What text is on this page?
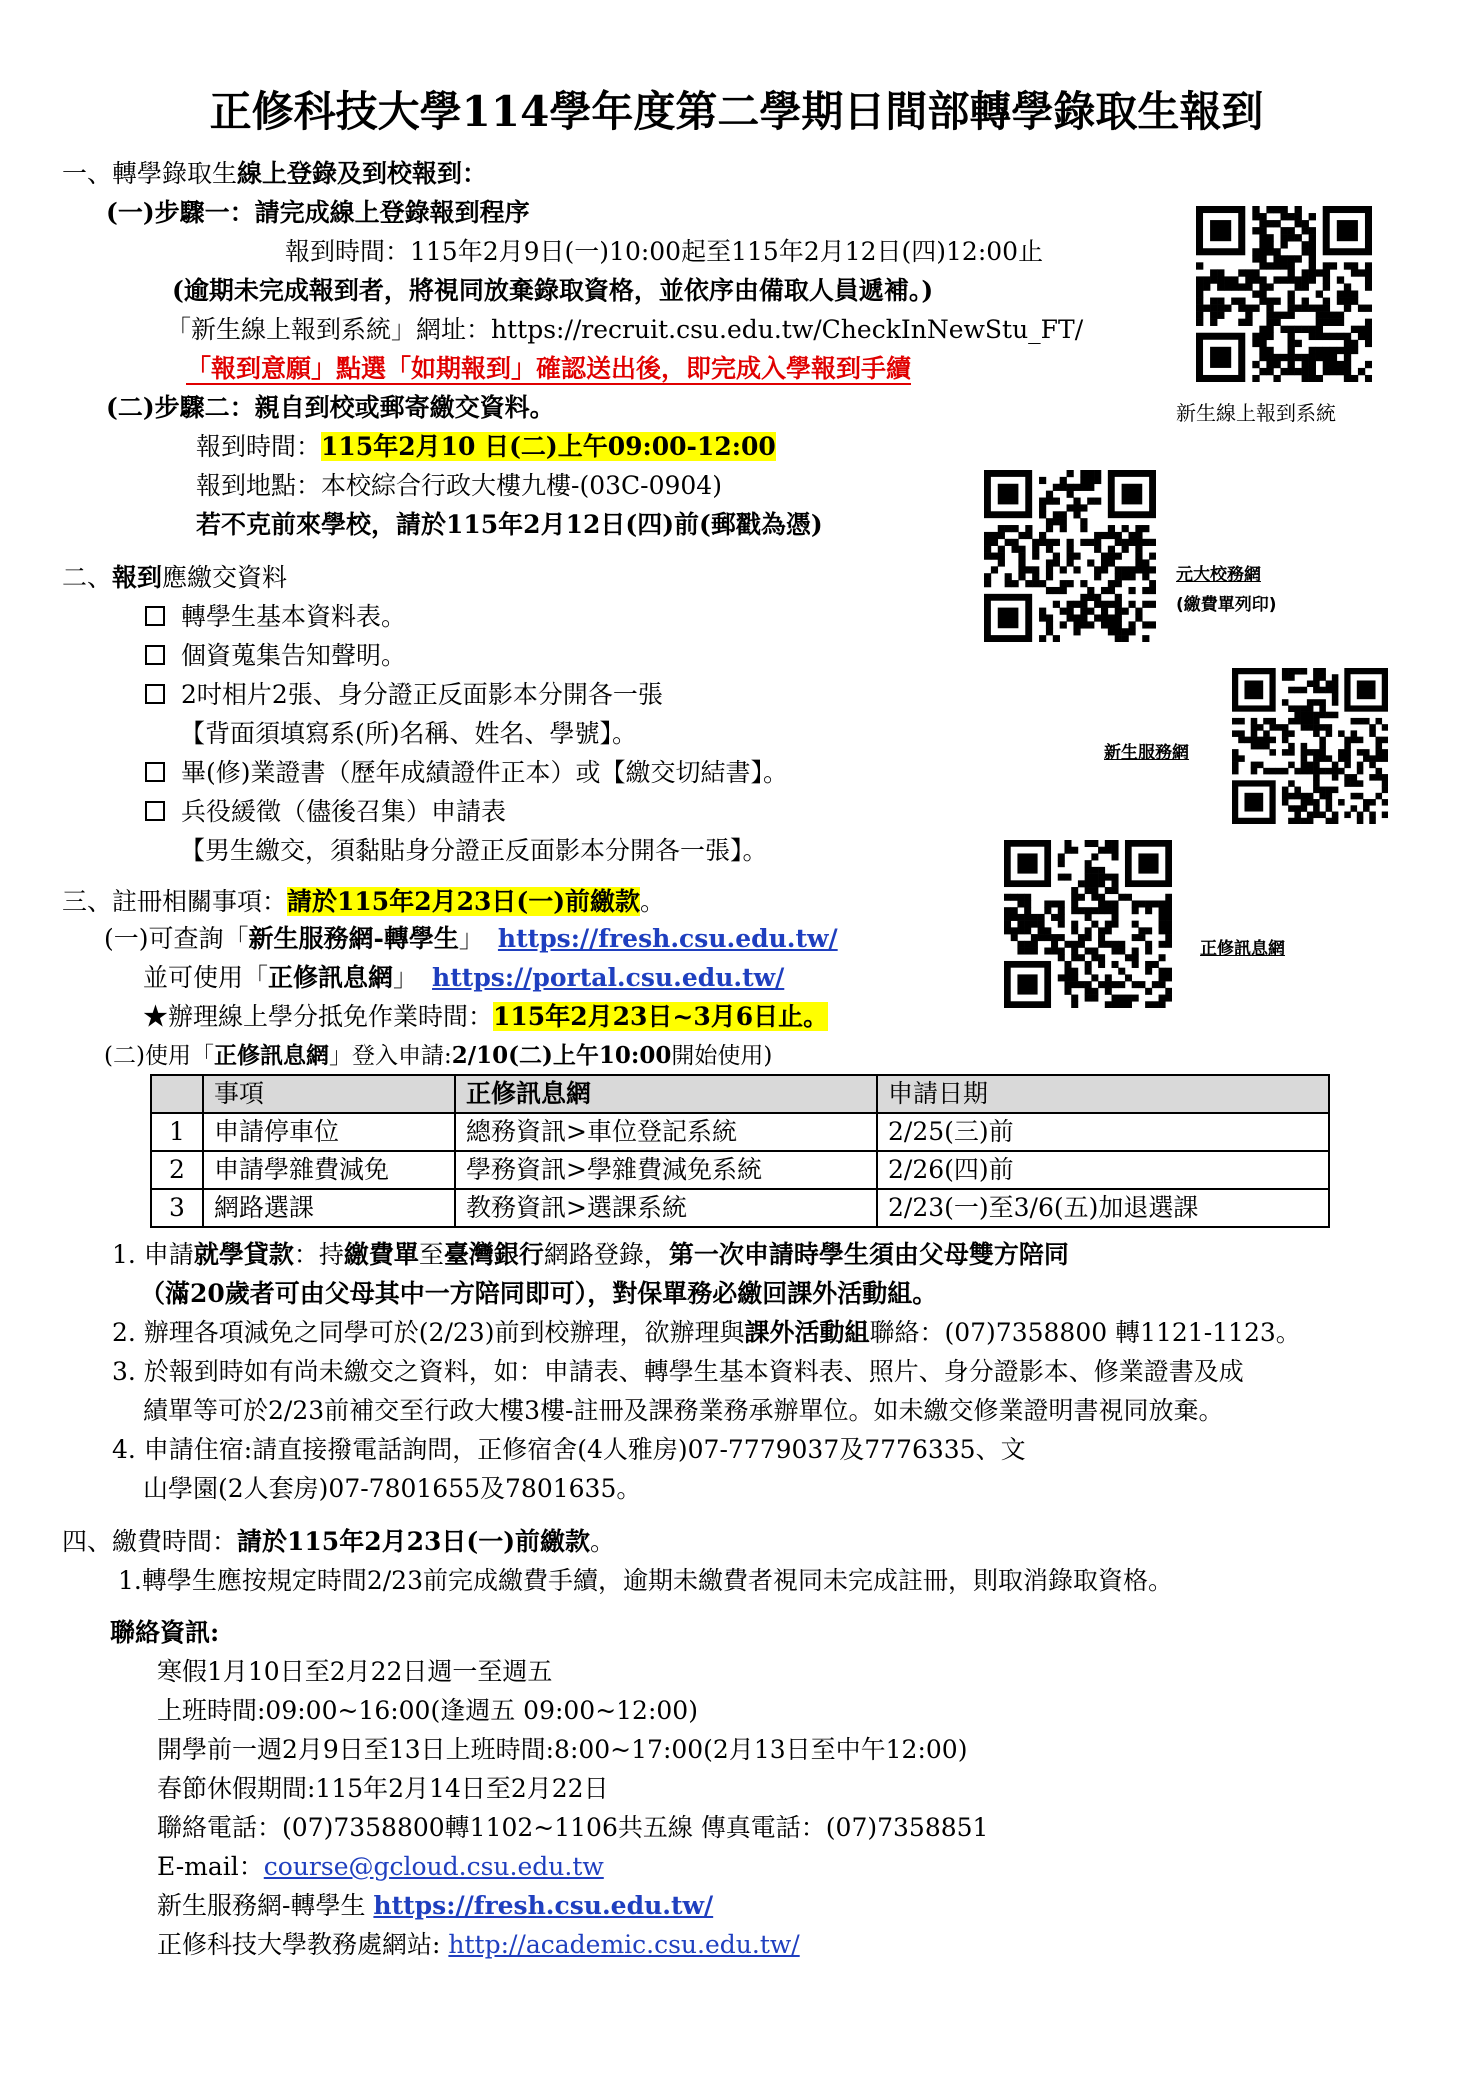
正修科技大學114學年度第二學期日間部轉學錄取生報到
一、轉學錄取生線上登錄及到校報到：
(一)步驟一：請完成線上登錄報到程序
報到時間：115年2月9日(一)10:00起至115年2月12日(四)12:00止
(逾期未完成報到者，將視同放棄錄取資格，並依序由備取人員遞補。)
「新生線上報到系統」網址：https://recruit.csu.edu.tw/CheckInNewStu_FT/
「報到意願」點選「如期報到」確認送出後，即完成入學報到手續
(二)步驟二：親自到校或郵寄繳交資料。
報到時間：115年2月10 日(二)上午09:00-12:00
報到地點：本校綜合行政大樓九樓-(03C-0904)
若不克前來學校，請於115年2月12日(四)前(郵戳為憑)
二、報到應繳交資料
轉學生基本資料表。
個資蒐集告知聲明。
2吋相片2張、身分證正反面影本分開各一張
【背面須填寫系(所)名稱、姓名、學號】。
畢(修)業證書（歷年成績證件正本）或【繳交切結書】。
兵役緩徵（儘後召集）申請表
【男生繳交，須黏貼身分證正反面影本分開各一張】。
三、註冊相關事項：請於115年2月23日(一)前繳款。
(一)可查詢「新生服務網-轉學生」 https://fresh.csu.edu.tw/
並可使用「正修訊息網」 https://portal.csu.edu.tw/
★辦理線上學分抵免作業時間：115年2月23日~3月6日止。
(二)使用「正修訊息網」登入申請:2/10(二)上午10:00開始使用)
	事項	正修訊息網	申請日期
1	申請停車位	總務資訊>車位登記系統	2/25(三)前
2	申請學雜費減免	學務資訊>學雜費減免系統	2/26(四)前
3	網路選課	教務資訊>選課系統	2/23(一)至3/6(五)加退選課
1. 申請就學貸款：持繳費單至臺灣銀行網路登錄，第一次申請時學生須由父母雙方陪同
（滿20歲者可由父母其中一方陪同即可），對保單務必繳回課外活動組。
2. 辦理各項減免之同學可於(2/23)前到校辦理，欲辦理與課外活動組聯絡：(07)7358800 轉1121-1123。
3. 於報到時如有尚未繳交之資料，如：申請表、轉學生基本資料表、照片、身分證影本、修業證書及成
績單等可於2/23前補交至行政大樓3樓-註冊及課務業務承辦單位。如未繳交修業證明書視同放棄。
4. 申請住宿:請直接撥電話詢問，正修宿舍(4人雅房)07-7779037及7776335、文
山學園(2人套房)07-7801655及7801635。
四、繳費時間：請於115年2月23日(一)前繳款。
1.轉學生應按規定時間2/23前完成繳費手續，逾期未繳費者視同未完成註冊，則取消錄取資格。
聯絡資訊:
寒假1月10日至2月22日週一至週五
上班時間:09:00~16:00(逢週五 09:00~12:00)
開學前一週2月9日至13日上班時間:8:00~17:00(2月13日至中午12:00)
春節休假期間:115年2月14日至2月22日
聯絡電話：(07)7358800轉1102~1106共五線 傳真電話：(07)7358851
E-mail：course@gcloud.csu.edu.tw
新生服務網-轉學生 https://fresh.csu.edu.tw/
正修科技大學教務處網站: http://academic.csu.edu.tw/
新生線上報到系統
元大校務網
(繳費單列印)
新生服務網
正修訊息網
